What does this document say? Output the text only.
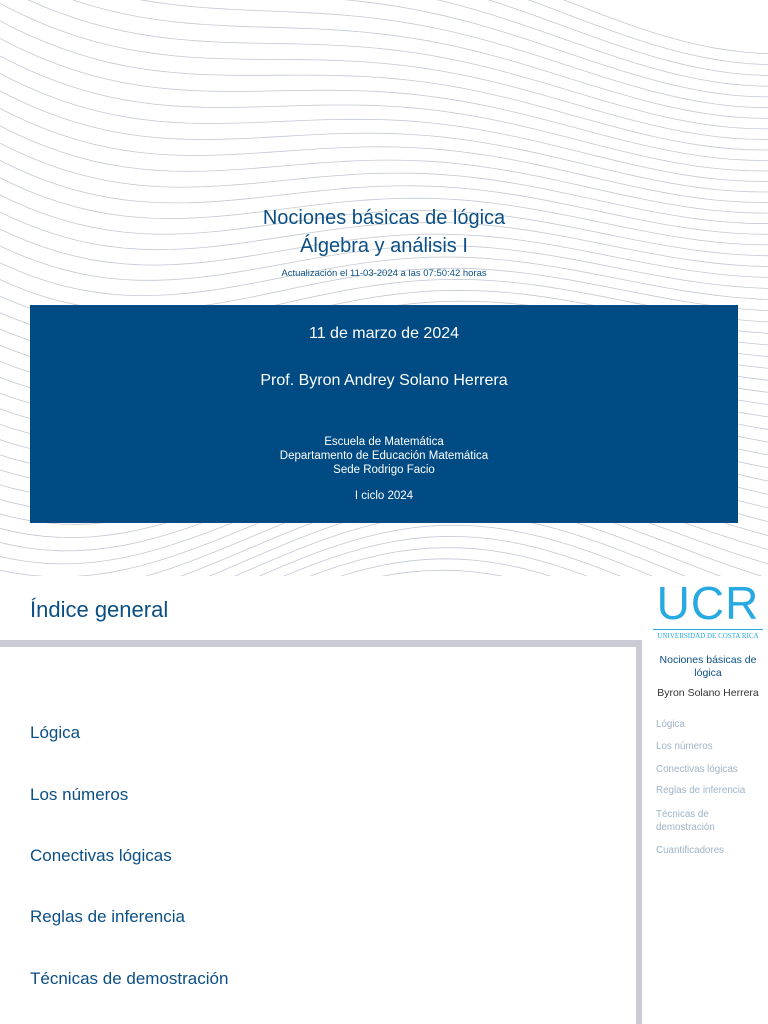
Nociones básicas de lógica
Álgebra y análisis I
Actualización el 11-03-2024 a las 07:50:42 horas
11 de marzo de 2024
Prof. Byron Andrey Solano Herrera
Escuela de Matemática
Departamento de Educación Matemática
Sede Rodrigo Facio
I ciclo 2024
Índice general
Lógica
Los números
Conectivas lógicas
Reglas de inferencia
Técnicas de demostración
UCR
UNIVERSIDAD DE COSTA RICA
Nociones básicas de lógica
Byron Solano Herrera
Lógica
Los números
Conectivas lógicas
Reglas de inferencia
Técnicas de demostración
Cuantificadores
